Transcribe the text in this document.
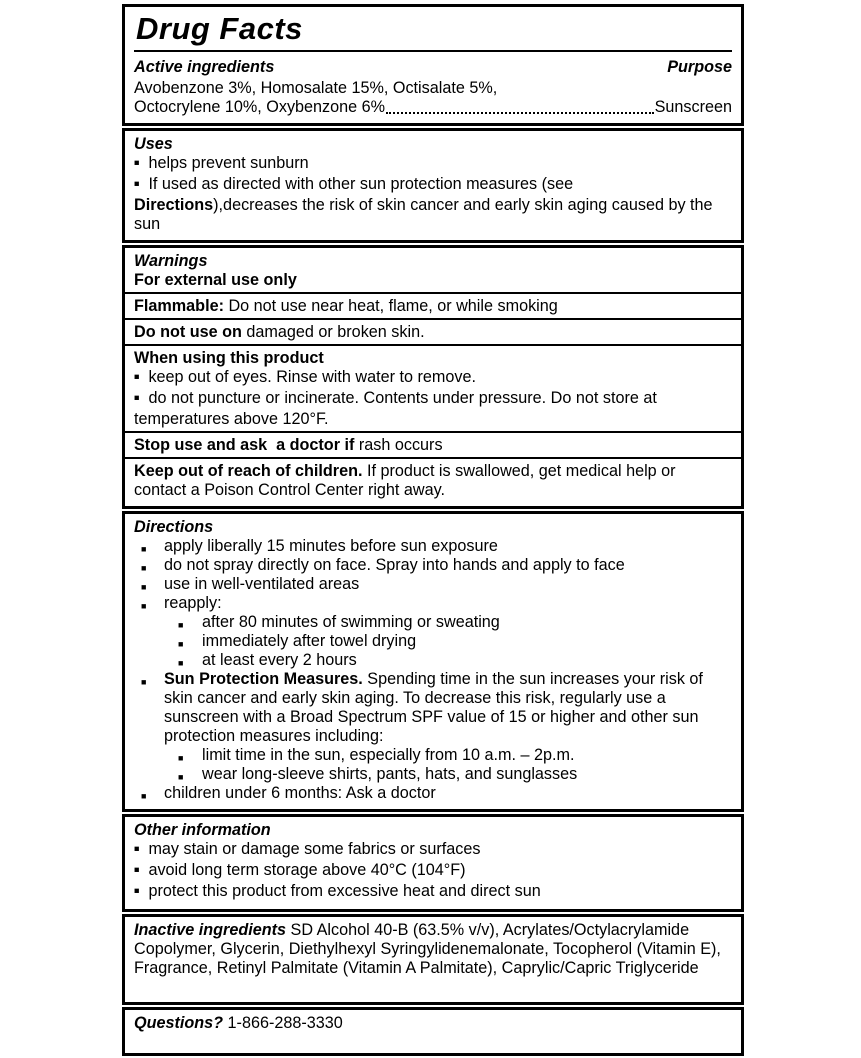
Drug Facts
Active ingredients	Purpose
Avobenzone 3%, Homosalate 15%, Octisalate 5%,
Octocrylene 10%, Oxybenzone 6%	Sunscreen
Uses
■ helps prevent sunburn
■ If used as directed with other sun protection measures (see Directions),decreases the risk of skin cancer and early skin aging caused by the sun
Warnings
For external use only
Flammable: Do not use near heat, flame, or while smoking
Do not use on damaged or broken skin.
When using this product
■ keep out of eyes. Rinse with water to remove.
■ do not puncture or incinerate. Contents under pressure. Do not store at temperatures above 120°F.
Stop use and ask  a doctor if rash occurs
Keep out of reach of children. If product is swallowed, get medical help or contact a Poison Control Center right away.
Directions
■ apply liberally 15 minutes before sun exposure
■ do not spray directly on face. Spray into hands and apply to face
■ use in well-ventilated areas
■ reapply:
■ after 80 minutes of swimming or sweating
■ immediately after towel drying
■ at least every 2 hours
■ Sun Protection Measures. Spending time in the sun increases your risk of skin cancer and early skin aging. To decrease this risk, regularly use a sunscreen with a Broad Spectrum SPF value of 15 or higher and other sun protection measures including:
■ limit time in the sun, especially from 10 a.m. – 2p.m.
■ wear long-sleeve shirts, pants, hats, and sunglasses
■ children under 6 months: Ask a doctor
Other information
■ may stain or damage some fabrics or surfaces
■ avoid long term storage above 40°C (104°F)
■ protect this product from excessive heat and direct sun
Inactive ingredients SD Alcohol 40-B (63.5% v/v), Acrylates/Octylacrylamide Copolymer, Glycerin, Diethylhexyl Syringylidenemalonate, Tocopherol (Vitamin E), Fragrance, Retinyl Palmitate (Vitamin A Palmitate), Caprylic/Capric Triglyceride
Questions? 1-866-288-3330
